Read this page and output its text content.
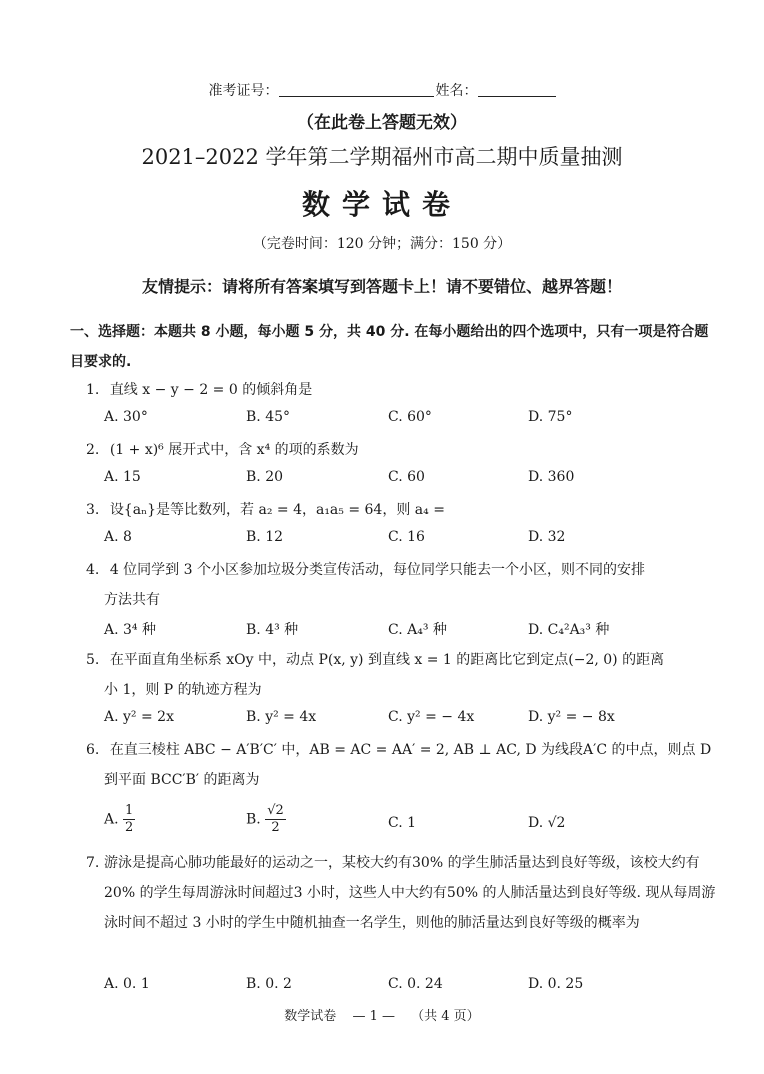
准考证号：	姓名：
（在此卷上答题无效）
2021–2022 学年第二学期福州市高二期中质量抽测
数学试卷
（完卷时间：120 分钟；满分：150 分）
友情提示：请将所有答案填写到答题卡上！请不要错位、越界答题！
一、选择题：本题共 8 小题，每小题 5 分，共 40 分. 在每小题给出的四个选项中，只有一项是符合题目要求的.
1. 直线 x − y − 2 = 0 的倾斜角是
A. 30°	B. 45°	C. 60°	D. 75°
2. (1 + x)⁶ 展开式中，含 x⁴ 的项的系数为
A. 15	B. 20	C. 60	D. 360
3. 设{aₙ}是等比数列，若 a₂ = 4，a₁a₅ = 64，则 a₄ =
A. 8	B. 12	C. 16	D. 32
4. 4 位同学到 3 个小区参加垃圾分类宣传活动，每位同学只能去一个小区，则不同的安排
方法共有
A. 3⁴ 种	B. 4³ 种	C. A₄³ 种	D. C₄²A₃³ 种
5. 在平面直角坐标系 xOy 中，动点 P(x, y) 到直线 x = 1 的距离比它到定点(−2, 0) 的距离
小 1，则 P 的轨迹方程为
A. y² = 2x	B. y² = 4x	C. y² = − 4x	D. y² = − 8x
6. 在直三棱柱 ABC − A′B′C′ 中，AB = AC = AA′ = 2, AB ⊥ AC, D 为线段A′C 的中点，则点 D
到平面 BCC′B′ 的距离为
A. $\frac{1}{2}$	B. $\frac{√2}{2}$	C. 1	D. √2
7. 游泳是提高心肺功能最好的运动之一，某校大约有30% 的学生肺活量达到良好等级，该校大约有20% 的学生每周游泳时间超过3 小时，这些人中大约有50% 的人肺活量达到良好等级. 现从每周游泳时间不超过 3 小时的学生中随机抽查一名学生，则他的肺活量达到良好等级的概率为
A. 0. 1	B. 0. 2	C. 0. 24	D. 0. 25
数学试卷 — 1 — （共 4 页）
